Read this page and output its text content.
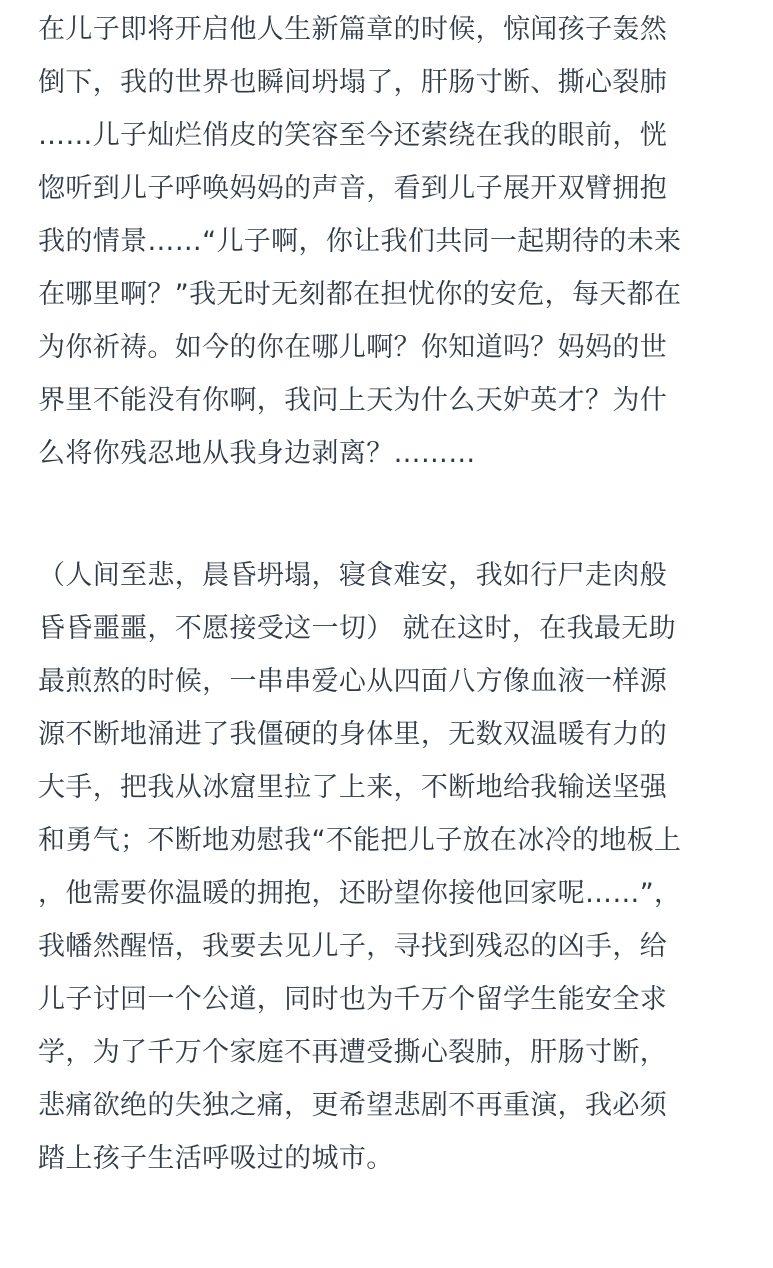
在儿子即将开启他人生新篇章的时候，惊闻孩子轰然
倒下，我的世界也瞬间坍塌了，肝肠寸断、撕心裂肺
……儿子灿烂俏皮的笑容至今还萦绕在我的眼前，恍
惚听到儿子呼唤妈妈的声音，看到儿子展开双臂拥抱
我的情景……“儿子啊，你让我们共同一起期待的未来
在哪里啊？”我无时无刻都在担忧你的安危，每天都在
为你祈祷。如今的你在哪儿啊？你知道吗？妈妈的世
界里不能没有你啊，我问上天为什么天妒英才？为什
么将你残忍地从我身边剥离？………

（人间至悲，晨昏坍塌，寝食难安，我如行尸走肉般
昏昏噩噩，不愿接受这一切） 就在这时，在我最无助
最煎熬的时候，一串串爱心从四面八方像血液一样源
源不断地涌进了我僵硬的身体里，无数双温暖有力的
大手，把我从冰窟里拉了上来，不断地给我输送坚强
和勇气；不断地劝慰我“不能把儿子放在冰冷的地板上
，他需要你温暖的拥抱，还盼望你接他回家呢……”，
我幡然醒悟，我要去见儿子，寻找到残忍的凶手，给
儿子讨回一个公道，同时也为千万个留学生能安全求
学，为了千万个家庭不再遭受撕心裂肺，肝肠寸断，
悲痛欲绝的失独之痛，更希望悲剧不再重演，我必须
踏上孩子生活呼吸过的城市。
